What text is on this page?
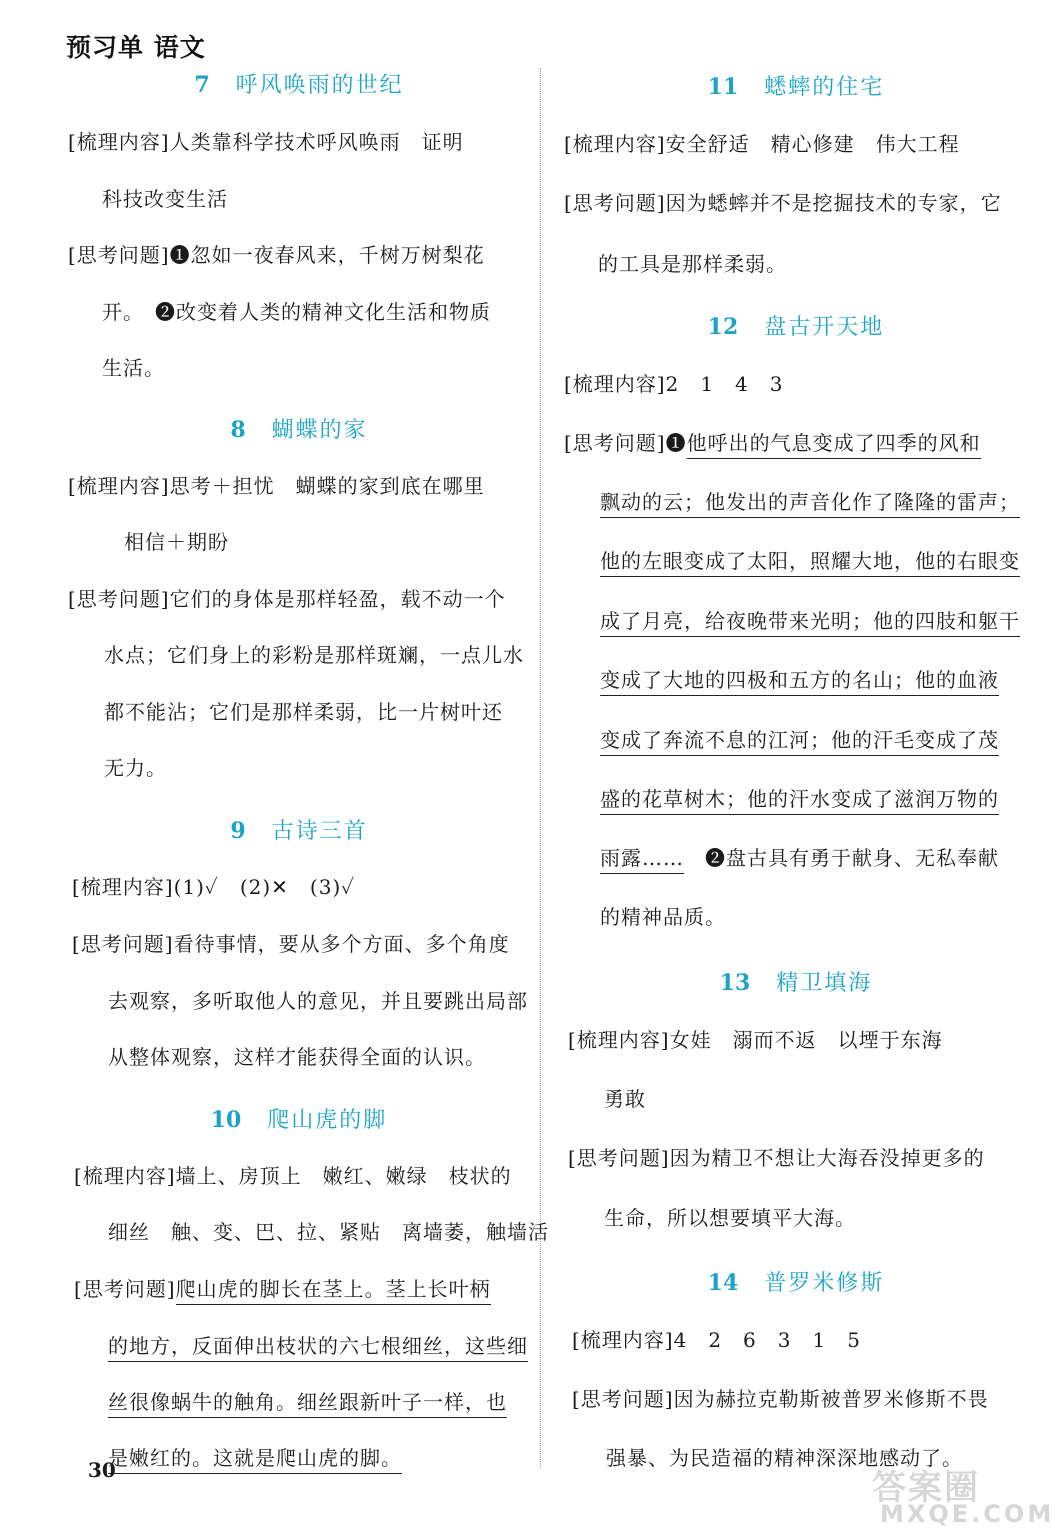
预习单 语文
7 呼风唤雨的世纪
[梳理内容]人类靠科学技术呼风唤雨　证明
科技改变生活
[思考问题]❶忽如一夜春风来，千树万树梨花
开。　❷改变着人类的精神文化生活和物质
生活。
8 蝴蝶的家
[梳理内容]思考＋担忧　蝴蝶的家到底在哪里
相信＋期盼
[思考问题]它们的身体是那样轻盈，载不动一个
水点；它们身上的彩粉是那样斑斓，一点儿水
都不能沾；它们是那样柔弱，比一片树叶还
无力。
9 古诗三首
[梳理内容](1)✓　(2)✕　(3)✓
[思考问题]看待事情，要从多个方面、多个角度
去观察，多听取他人的意见，并且要跳出局部
从整体观察，这样才能获得全面的认识。
10 爬山虎的脚
[梳理内容]墙上、房顶上　嫩红、嫩绿　枝状的
细丝　触、变、巴、拉、紧贴　离墙萎，触墙活
[思考问题]爬山虎的脚长在茎上。茎上长叶柄
的地方，反面伸出枝状的六七根细丝，这些细
丝很像蜗牛的触角。细丝跟新叶子一样，也
是嫩红的。这就是爬山虎的脚。
11 蟋蟀的住宅
[梳理内容]安全舒适　精心修建　伟大工程
[思考问题]因为蟋蟀并不是挖掘技术的专家，它
的工具是那样柔弱。
12 盘古开天地
[梳理内容]2　1　4　3
[思考问题]❶他呼出的气息变成了四季的风和
飘动的云；他发出的声音化作了隆隆的雷声；
他的左眼变成了太阳，照耀大地，他的右眼变
成了月亮，给夜晚带来光明；他的四肢和躯干
变成了大地的四极和五方的名山；他的血液
变成了奔流不息的江河；他的汗毛变成了茂
盛的花草树木；他的汗水变成了滋润万物的
雨露……　❷盘古具有勇于献身、无私奉献
的精神品质。
13 精卫填海
[梳理内容]女娃　溺而不返　以堙于东海
勇敢
[思考问题]因为精卫不想让大海吞没掉更多的
生命，所以想要填平大海。
14 普罗米修斯
[梳理内容]4　2　6　3　1　5
[思考问题]因为赫拉克勒斯被普罗米修斯不畏
强暴、为民造福的精神深深地感动了。
30	答案圈
MXQE.COM
